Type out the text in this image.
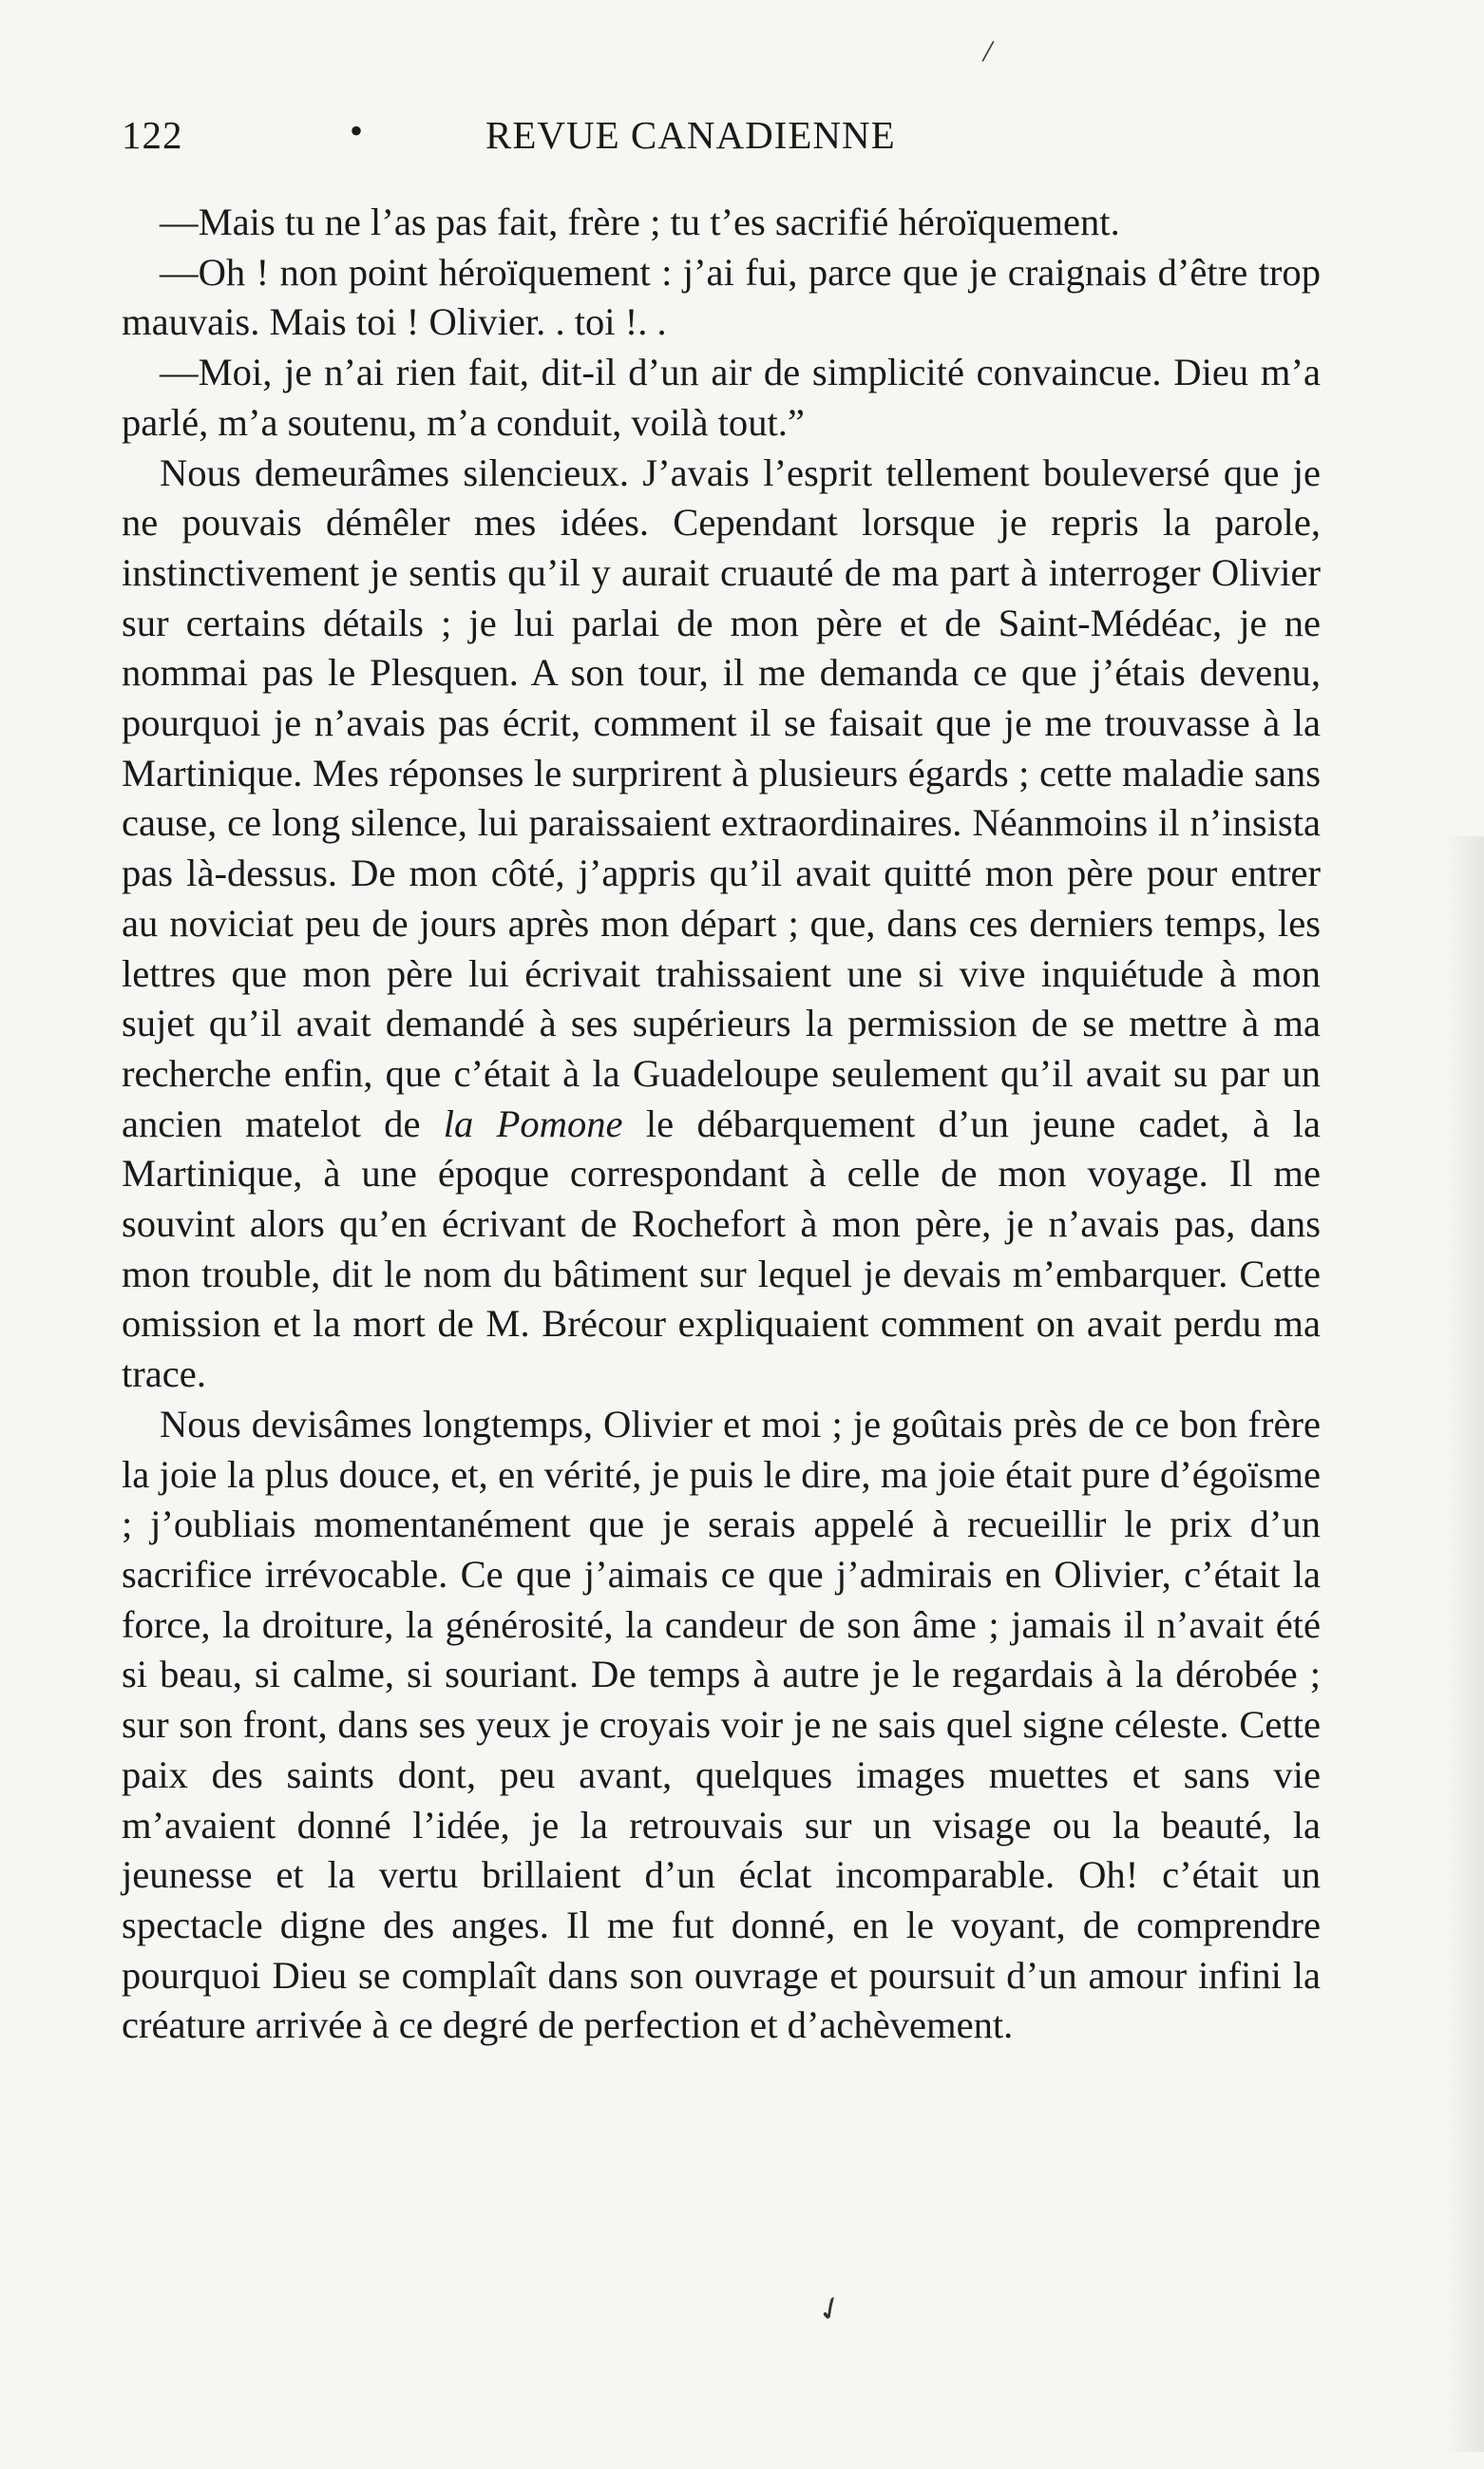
/
122	•	REVUE CANADIENNE

—Mais tu ne l’as pas fait, frère ; tu t’es sacrifié héroïquement.

—Oh ! non point héroïquement : j’ai fui, parce que je craignais d’être trop mauvais. Mais toi ! Olivier. . toi !. .

—Moi, je n’ai rien fait, dit-il d’un air de simplicité convaincue. Dieu m’a parlé, m’a soutenu, m’a conduit, voilà tout.”

Nous demeurâmes silencieux. J’avais l’esprit tellement bouleversé que je ne pouvais démêler mes idées. Cependant lorsque je repris la parole, instinctivement je sentis qu’il y aurait cruauté de ma part à interroger Olivier sur certains détails ; je lui parlai de mon père et de Saint-Médéac, je ne nommai pas le Plesquen. A son tour, il me demanda ce que j’étais devenu, pourquoi je n’avais pas écrit, comment il se faisait que je me trouvasse à la Martinique. Mes réponses le surprirent à plusieurs égards ; cette maladie sans cause, ce long silence, lui paraissaient extraordinaires. Néanmoins il n’insista pas là-dessus. De mon côté, j’appris qu’il avait quitté mon père pour entrer au noviciat peu de jours après mon départ ; que, dans ces derniers temps, les lettres que mon père lui écrivait trahissaient une si vive inquiétude à mon sujet qu’il avait demandé à ses supérieurs la permission de se mettre à ma recherche enfin, que c’était à la Guadeloupe seulement qu’il avait su par un ancien matelot de la Pomone le débarquement d’un jeune cadet, à la Martinique, à une époque correspondant à celle de mon voyage. Il me souvint alors qu’en écrivant de Rochefort à mon père, je n’avais pas, dans mon trouble, dit le nom du bâtiment sur lequel je devais m’embarquer. Cette omission et la mort de M. Brécour expliquaient comment on avait perdu ma trace.

Nous devisâmes longtemps, Olivier et moi ; je goûtais près de ce bon frère la joie la plus douce, et, en vérité, je puis le dire, ma joie était pure d’égoïsme ; j’oubliais momentanément que je serais appelé à recueillir le prix d’un sacrifice irrévocable. Ce que j’aimais ce que j’admirais en Olivier, c’était la force, la droiture, la générosité, la candeur de son âme ; jamais il n’avait été si beau, si calme, si souriant. De temps à autre je le regardais à la dérobée ; sur son front, dans ses yeux je croyais voir je ne sais quel signe céleste. Cette paix des saints dont, peu avant, quelques images muettes et sans vie m’avaient donné l’idée, je la retrouvais sur un visage ou la beauté, la jeunesse et la vertu brillaient d’un éclat incomparable. Oh! c’était un spectacle digne des anges. Il me fut donné, en le voyant, de comprendre pourquoi Dieu se complaît dans son ouvrage et poursuit d’un amour infini la créature arrivée à ce degré de perfection et d’achèvement.

✓
